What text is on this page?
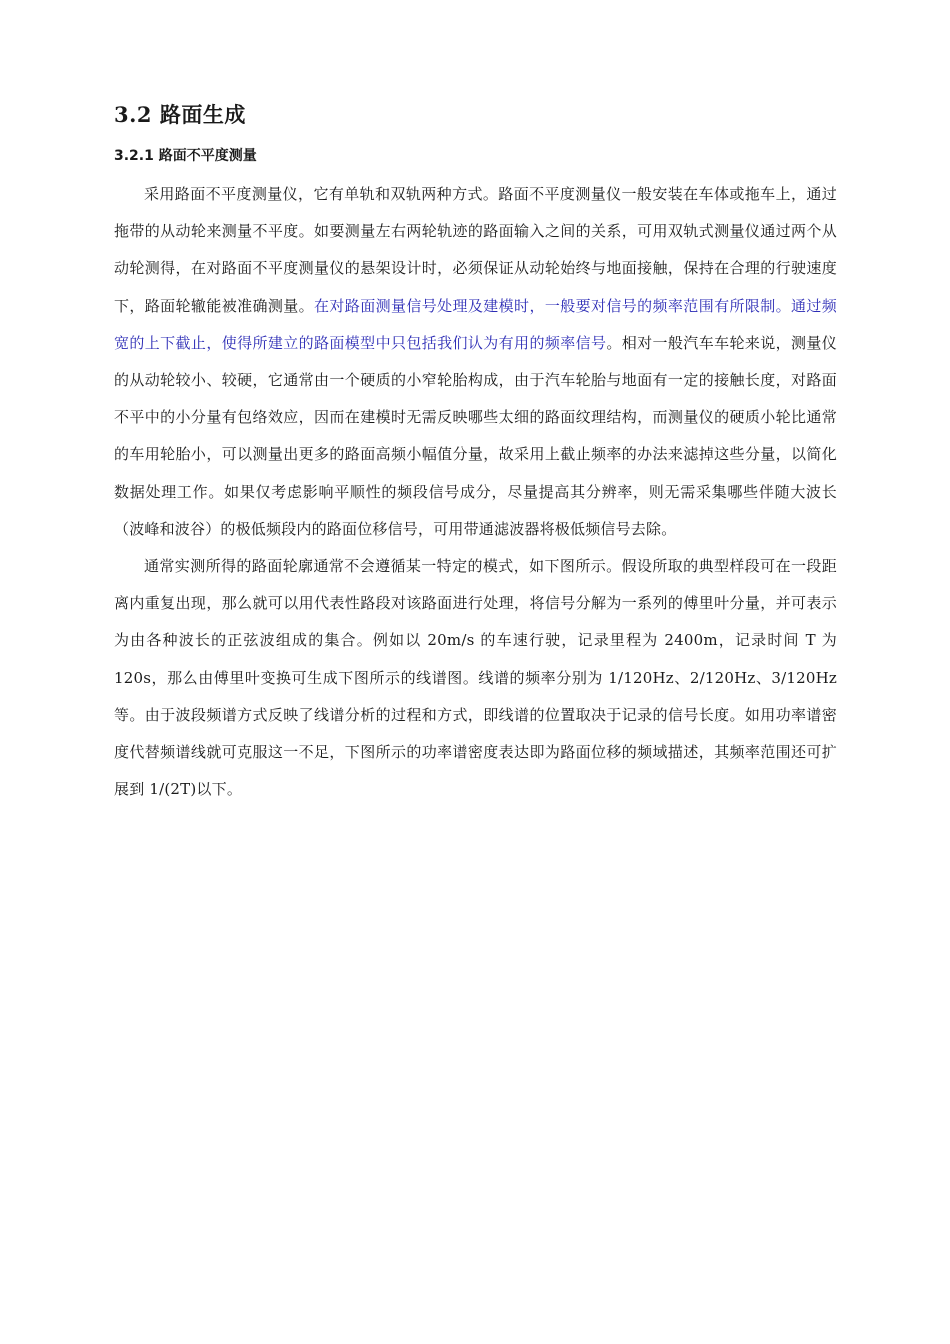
3.2 路面生成
3.2.1 路面不平度测量

采用路面不平度测量仪，它有单轨和双轨两种方式。路面不平度测量仪一般安装在车体或拖车上，通过拖带的从动轮来测量不平度。如要测量左右两轮轨迹的路面输入之间的关系，可用双轨式测量仪通过两个从动轮测得，在对路面不平度测量仪的悬架设计时，必须保证从动轮始终与地面接触，保持在合理的行驶速度下，路面轮辙能被准确测量。在对路面测量信号处理及建模时，一般要对信号的频率范围有所限制。通过频宽的上下截止，使得所建立的路面模型中只包括我们认为有用的频率信号。相对一般汽车车轮来说，测量仪的从动轮较小、较硬，它通常由一个硬质的小窄轮胎构成，由于汽车轮胎与地面有一定的接触长度，对路面不平中的小分量有包络效应，因而在建模时无需反映哪些太细的路面纹理结构，而测量仪的硬质小轮比通常的车用轮胎小，可以测量出更多的路面高频小幅值分量，故采用上截止频率的办法来滤掉这些分量，以简化数据处理工作。如果仅考虑影响平顺性的频段信号成分，尽量提高其分辨率，则无需采集哪些伴随大波长（波峰和波谷）的极低频段内的路面位移信号，可用带通滤波器将极低频信号去除。

通常实测所得的路面轮廓通常不会遵循某一特定的模式，如下图所示。假设所取的典型样段可在一段距离内重复出现，那么就可以用代表性路段对该路面进行处理，将信号分解为一系列的傅里叶分量，并可表示为由各种波长的正弦波组成的集合。例如以 20m/s 的车速行驶，记录里程为 2400m，记录时间 T 为 120s，那么由傅里叶变换可生成下图所示的线谱图。线谱的频率分别为 1/120Hz、2/120Hz、3/120Hz 等。由于波段频谱方式反映了线谱分析的过程和方式，即线谱的位置取决于记录的信号长度。如用功率谱密度代替频谱线就可克服这一不足，下图所示的功率谱密度表达即为路面位移的频域描述，其频率范围还可扩展到 1/(2T)以下。
